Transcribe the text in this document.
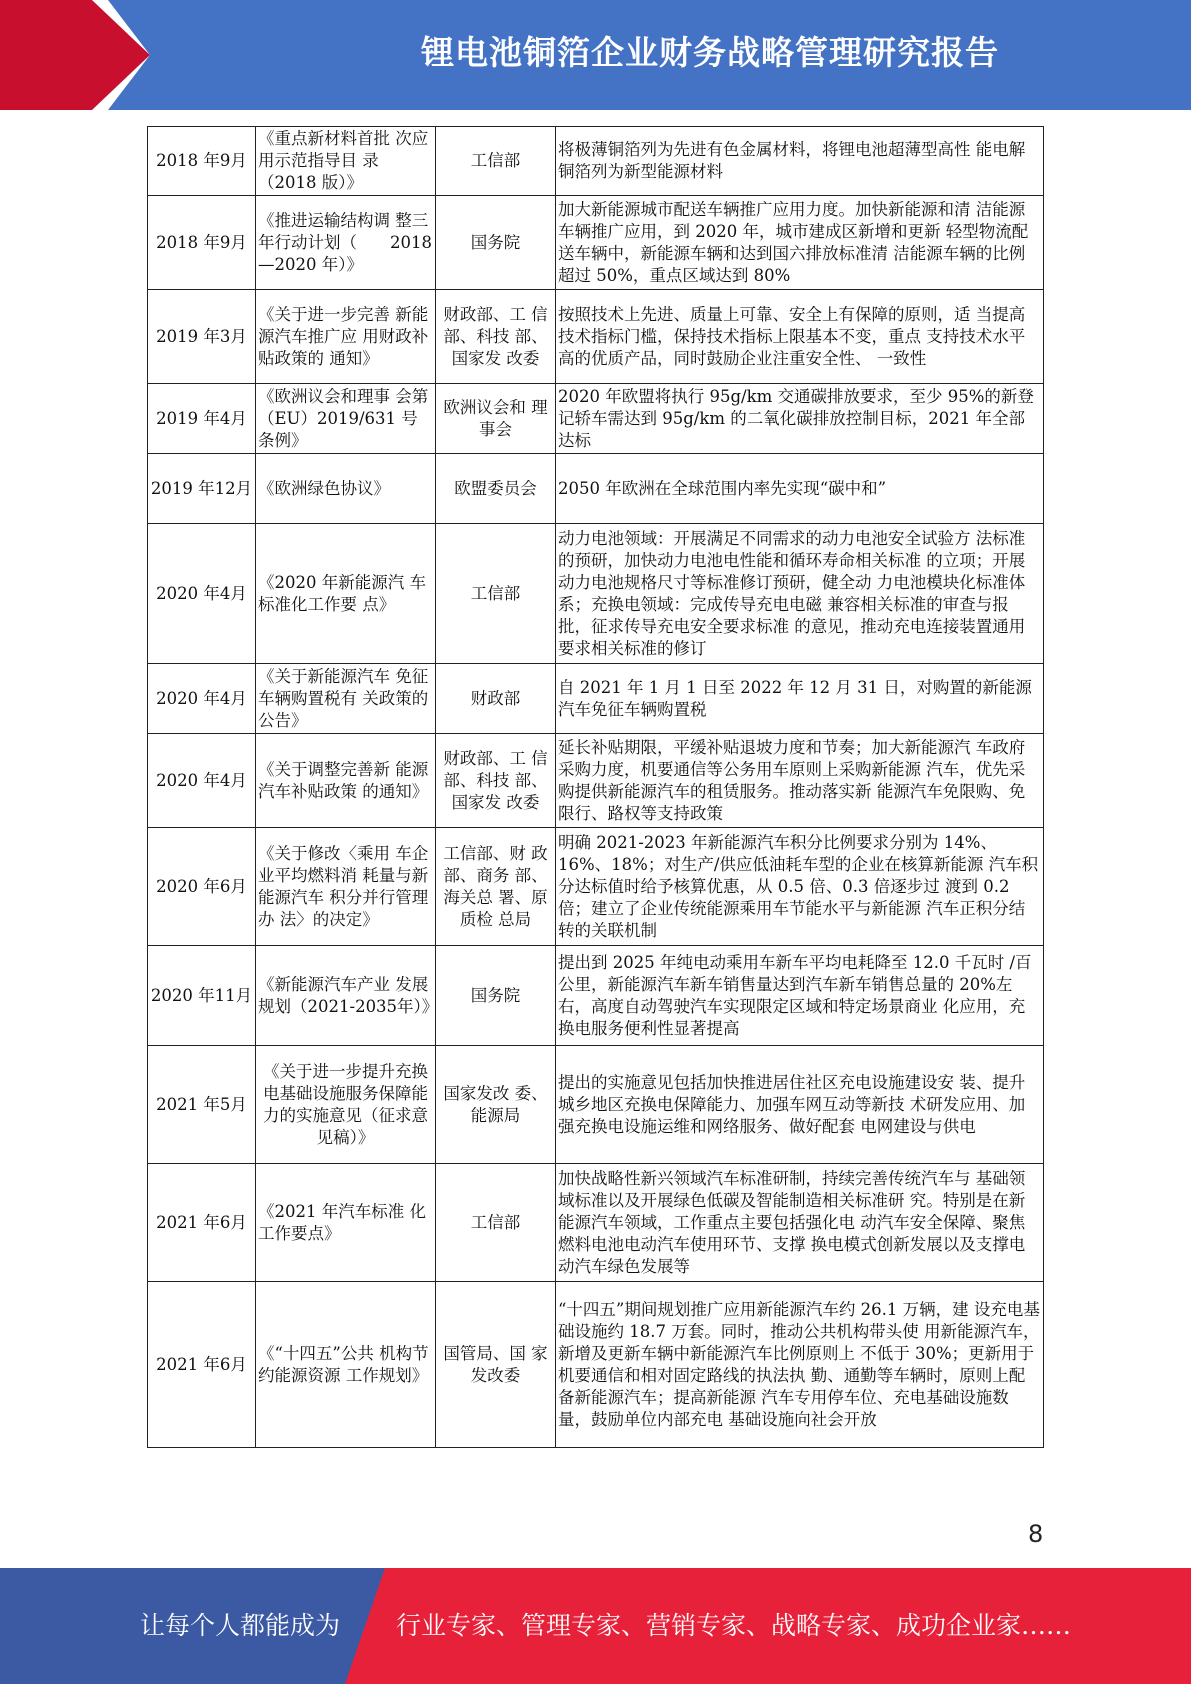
锂电池铜箔企业财务战略管理研究报告
2018 年9月	《重点新材料首批 次应用示范指导目 录（2018 版）》	工信部	将极薄铜箔列为先进有色金属材料，将锂电池超薄型高性 能电解铜箔列为新型能源材料
2018 年9月	《推进运输结构调 整三年行动计划（　　2018—2020 年）》	国务院	加大新能源城市配送车辆推广应用力度。加快新能源和清 洁能源车辆推广应用，到 2020 年，城市建成区新增和更新 轻型物流配送车辆中，新能源车辆和达到国六排放标准清 洁能源车辆的比例超过 50%，重点区域达到 80%
2019 年3月	《关于进一步完善 新能源汽车推广应 用财政补贴政策的 通知》	财政部、工 信部、科技 部、国家发 改委	按照技术上先进、质量上可靠、安全上有保障的原则，适 当提高技术指标门槛，保持技术指标上限基本不变，重点 支持技术水平高的优质产品，同时鼓励企业注重安全性、 一致性
2019 年4月	《欧洲议会和理事 会第　（EU）2019/631 号条例》	欧洲议会和 理事会	2020 年欧盟将执行 95g/km 交通碳排放要求，至少 95%的新登记轿车需达到 95g/km 的二氧化碳排放控制目标，2021 年全部达标
2019 年12月	《欧洲绿色协议》	欧盟委员会	2050 年欧洲在全球范围内率先实现“碳中和”
2020 年4月	《2020 年新能源汽 车标准化工作要 点》	工信部	动力电池领域：开展满足不同需求的动力电池安全试验方 法标准的预研，加快动力电池电性能和循环寿命相关标准 的立项；开展动力电池规格尺寸等标准修订预研，健全动 力电池模块化标准体系；充换电领域：完成传导充电电磁 兼容相关标准的审查与报批，征求传导充电安全要求标准 的意见，推动充电连接装置通用要求相关标准的修订
2020 年4月	《关于新能源汽车 免征车辆购置税有 关政策的公告》	财政部	自 2021 年 1 月 1 日至 2022 年 12 月 31 日，对购置的新能源汽车免征车辆购置税
2020 年4月	《关于调整完善新 能源汽车补贴政策 的通知》	财政部、工 信部、科技 部、国家发 改委	延长补贴期限，平缓补贴退坡力度和节奏；加大新能源汽 车政府采购力度，机要通信等公务用车原则上采购新能源 汽车，优先采购提供新能源汽车的租赁服务。推动落实新 能源汽车免限购、免限行、路权等支持政策
2020 年6月	《关于修改〈乘用 车企业平均燃料消 耗量与新能源汽车 积分并行管理办 法〉的决定》	工信部、财 政部、商务 部、海关总 署、原质检 总局	明确 2021-2023 年新能源汽车积分比例要求分别为 14%、16%、18%；对生产/供应低油耗车型的企业在核算新能源 汽车积分达标值时给予核算优惠，从 0.5 倍、0.3 倍逐步过 渡到 0.2 倍；建立了企业传统能源乘用车节能水平与新能源 汽车正积分结转的关联机制
2020 年11月	《新能源汽车产业 发展规划（2021-2035年）》	国务院	提出到 2025 年纯电动乘用车新车平均电耗降至 12.0 千瓦时 /百公里，新能源汽车新车销售量达到汽车新车销售总量的 20%左右，高度自动驾驶汽车实现限定区域和特定场景商业 化应用，充换电服务便利性显著提高
2021 年5月	《关于进一步提升充换电基础设施服务保障能力的实施意见（征求意见稿）》	国家发改 委、能源局	提出的实施意见包括加快推进居住社区充电设施建设安 装、提升城乡地区充换电保障能力、加强车网互动等新技 术研发应用、加强充换电设施运维和网络服务、做好配套 电网建设与供电
2021 年6月	《2021 年汽车标准 化工作要点》	工信部	加快战略性新兴领域汽车标准研制，持续完善传统汽车与 基础领域标准以及开展绿色低碳及智能制造相关标准研 究。特别是在新能源汽车领域，工作重点主要包括强化电 动汽车安全保障、聚焦燃料电池电动汽车使用环节、支撑 换电模式创新发展以及支撑电动汽车绿色发展等
2021 年6月	《“十四五”公共 机构节约能源资源 工作规划》	国管局、国 家发改委	“十四五”期间规划推广应用新能源汽车约 26.1 万辆，建 设充电基础设施约 18.7 万套。同时，推动公共机构带头使 用新能源汽车，新增及更新车辆中新能源汽车比例原则上 不低于 30%；更新用于机要通信和相对固定路线的执法执 勤、通勤等车辆时，原则上配备新能源汽车；提高新能源 汽车专用停车位、充电基础设施数量，鼓励单位内部充电 基础设施向社会开放
8
让每个人都能成为	行业专家、管理专家、营销专家、战略专家、成功企业家……
